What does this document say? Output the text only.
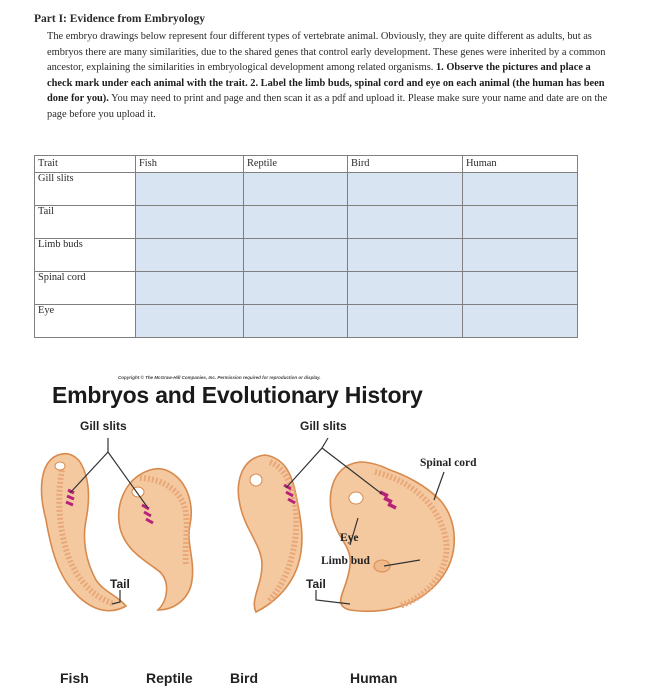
Part I: Evidence from Embryology
The embryo drawings below represent four different types of vertebrate animal. Obviously, they are quite different as adults, but as embryos there are many similarities, due to the shared genes that control early development. These genes were inherited by a common ancestor, explaining the similarities in embryological development among related organisms. 1. Observe the pictures and place a check mark under each animal with the trait. 2. Label the limb buds, spinal cord and eye on each animal (the human has been done for you). You may need to print and page and then scan it as a pdf and upload it. Please make sure your name and date are on the page before you upload it.
Trait	Fish	Reptile	Bird	Human
Gill slits				
Tail				
Limb buds				
Spinal cord				
Eye				
Copyright © The McGraw-Hill Companies, Inc. Permission required for reproduction or display.
Embryos and Evolutionary History
Gill slits	Gill slits
Spinal cord
Eye
Limb bud
Tail	Tail
Fish	Reptile	Bird	Human
